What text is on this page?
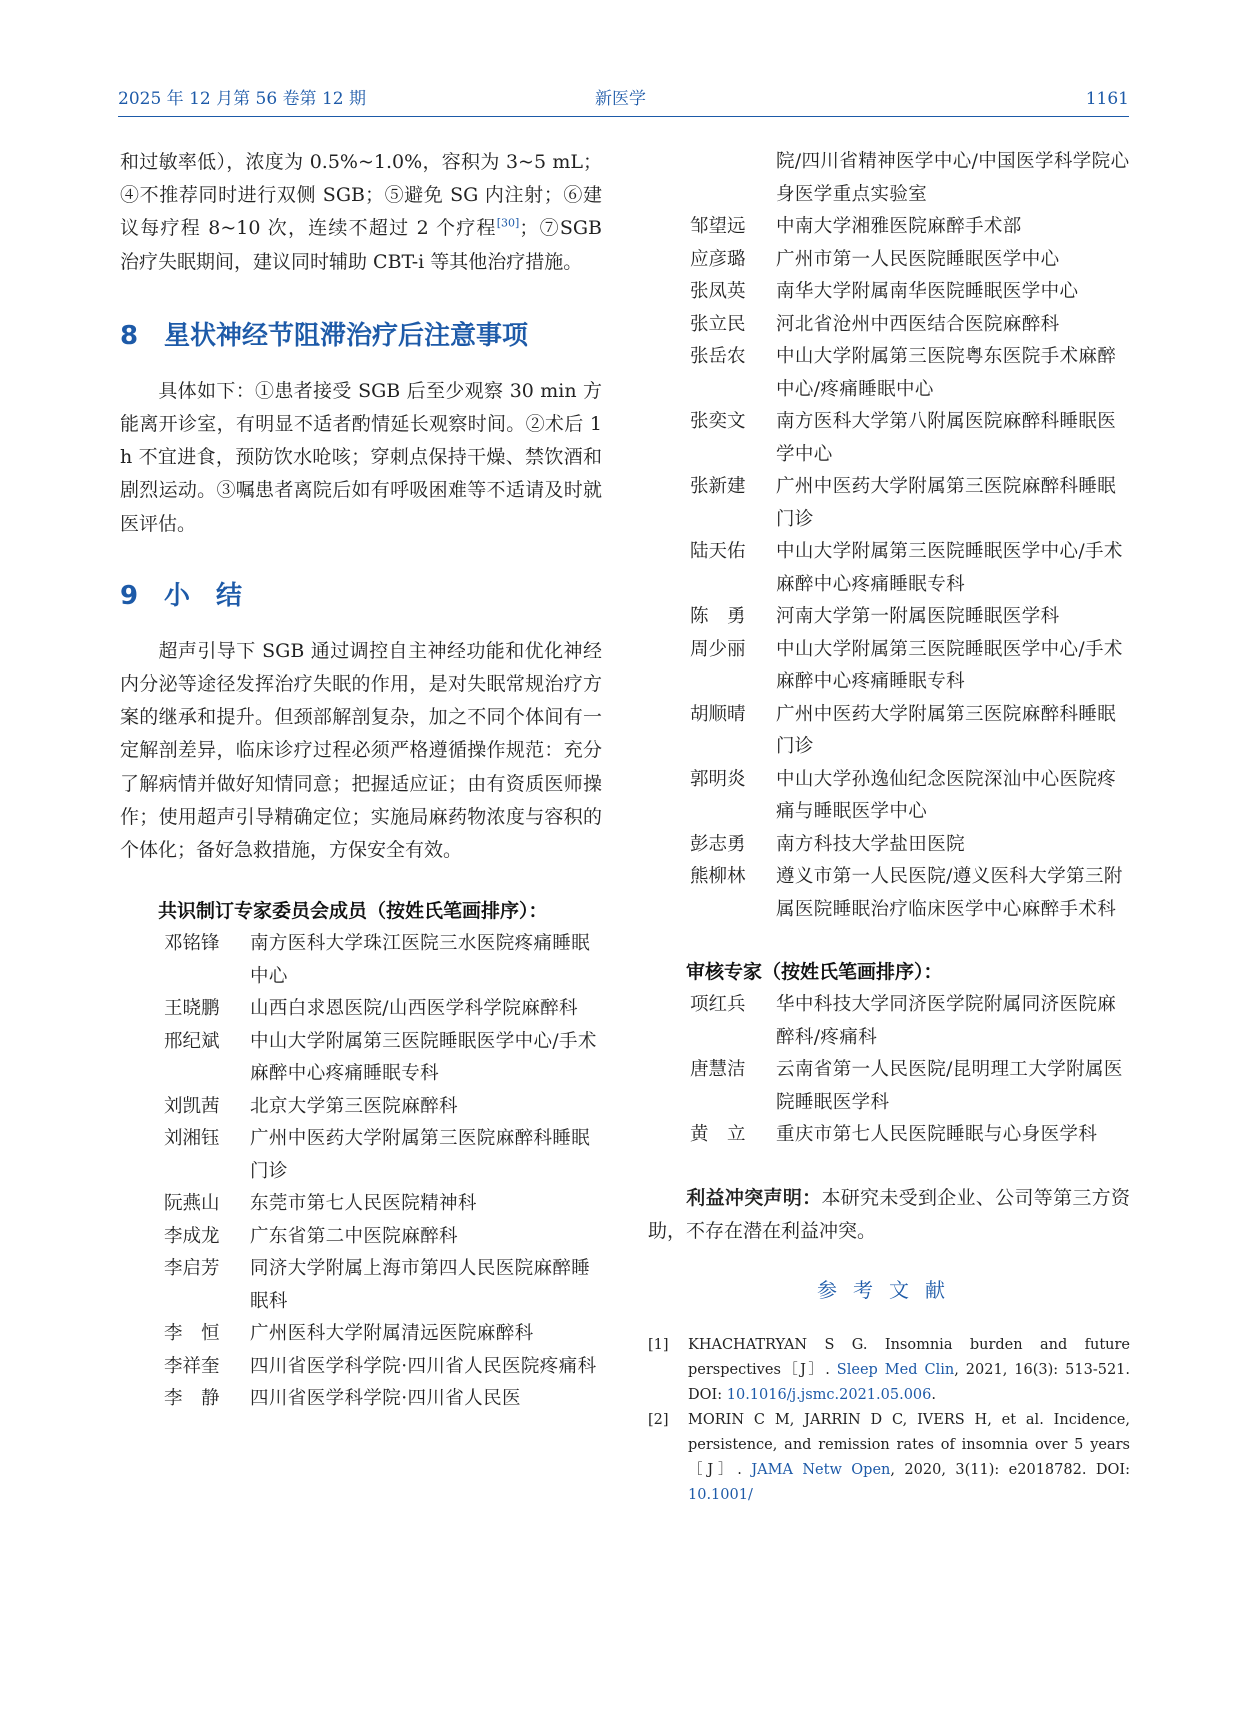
2025 年 12 月第 56 卷第 12 期	新医学	1161

和过敏率低），浓度为 0.5%~1.0%，容积为 3~5 mL；④不推荐同时进行双侧 SGB；⑤避免 SG 内注射；⑥建议每疗程 8~10 次，连续不超过 2 个疗程[30]；⑦SGB 治疗失眠期间，建议同时辅助 CBT-i 等其他治疗措施。

8 星状神经节阻滞治疗后注意事项

具体如下：①患者接受 SGB 后至少观察 30 min 方能离开诊室，有明显不适者酌情延长观察时间。②术后 1 h 不宜进食，预防饮水呛咳；穿刺点保持干燥、禁饮酒和剧烈运动。③嘱患者离院后如有呼吸困难等不适请及时就医评估。

9 小　结

超声引导下 SGB 通过调控自主神经功能和优化神经内分泌等途径发挥治疗失眠的作用，是对失眠常规治疗方案的继承和提升。但颈部解剖复杂，加之不同个体间有一定解剖差异，临床诊疗过程必须严格遵循操作规范：充分了解病情并做好知情同意；把握适应证；由有资质医师操作；使用超声引导精确定位；实施局麻药物浓度与容积的个体化；备好急救措施，方保安全有效。

共识制订专家委员会成员（按姓氏笔画排序）：

邓铭锋	南方医科大学珠江医院三水医院疼痛睡眠中心
王晓鹏	山西白求恩医院/山西医学科学院麻醉科
邢纪斌	中山大学附属第三医院睡眠医学中心/手术麻醉中心疼痛睡眠专科
刘凯茜	北京大学第三医院麻醉科
刘湘钰	广州中医药大学附属第三医院麻醉科睡眠门诊
阮燕山	东莞市第七人民医院精神科
李成龙	广东省第二中医院麻醉科
李启芳	同济大学附属上海市第四人民医院麻醉睡眠科
李　恒	广州医科大学附属清远医院麻醉科
李祥奎	四川省医学科学院·四川省人民医院疼痛科
李　静	四川省医学科学院·四川省人民医
院/四川省精神医学中心/中国医学科学院心身医学重点实验室
邹望远	中南大学湘雅医院麻醉手术部
应彦璐	广州市第一人民医院睡眠医学中心
张凤英	南华大学附属南华医院睡眠医学中心
张立民	河北省沧州中西医结合医院麻醉科
张岳农	中山大学附属第三医院粤东医院手术麻醉中心/疼痛睡眠中心
张奕文	南方医科大学第八附属医院麻醉科睡眠医学中心
张新建	广州中医药大学附属第三医院麻醉科睡眠门诊
陆天佑	中山大学附属第三医院睡眠医学中心/手术麻醉中心疼痛睡眠专科
陈　勇	河南大学第一附属医院睡眠医学科
周少丽	中山大学附属第三医院睡眠医学中心/手术麻醉中心疼痛睡眠专科
胡顺晴	广州中医药大学附属第三医院麻醉科睡眠门诊
郭明炎	中山大学孙逸仙纪念医院深汕中心医院疼痛与睡眠医学中心
彭志勇	南方科技大学盐田医院
熊柳林	遵义市第一人民医院/遵义医科大学第三附属医院睡眠治疗临床医学中心麻醉手术科

审核专家（按姓氏笔画排序）：

项红兵	华中科技大学同济医学院附属同济医院麻醉科/疼痛科
唐慧洁	云南省第一人民医院/昆明理工大学附属医院睡眠医学科
黄　立	重庆市第七人民医院睡眠与心身医学科

利益冲突声明：本研究未受到企业、公司等第三方资助，不存在潜在利益冲突。

参考文献
[1]	KHACHATRYAN S G. Insomnia burden and future perspectives［J］. Sleep Med Clin, 2021, 16(3): 513-521. DOI: 10.1016/j.jsmc.2021.05.006.
[2]	MORIN C M, JARRIN D C, IVERS H, et al. Incidence, persistence, and remission rates of insomnia over 5 years［J］. JAMA Netw Open, 2020, 3(11): e2018782. DOI: 10.1001/
